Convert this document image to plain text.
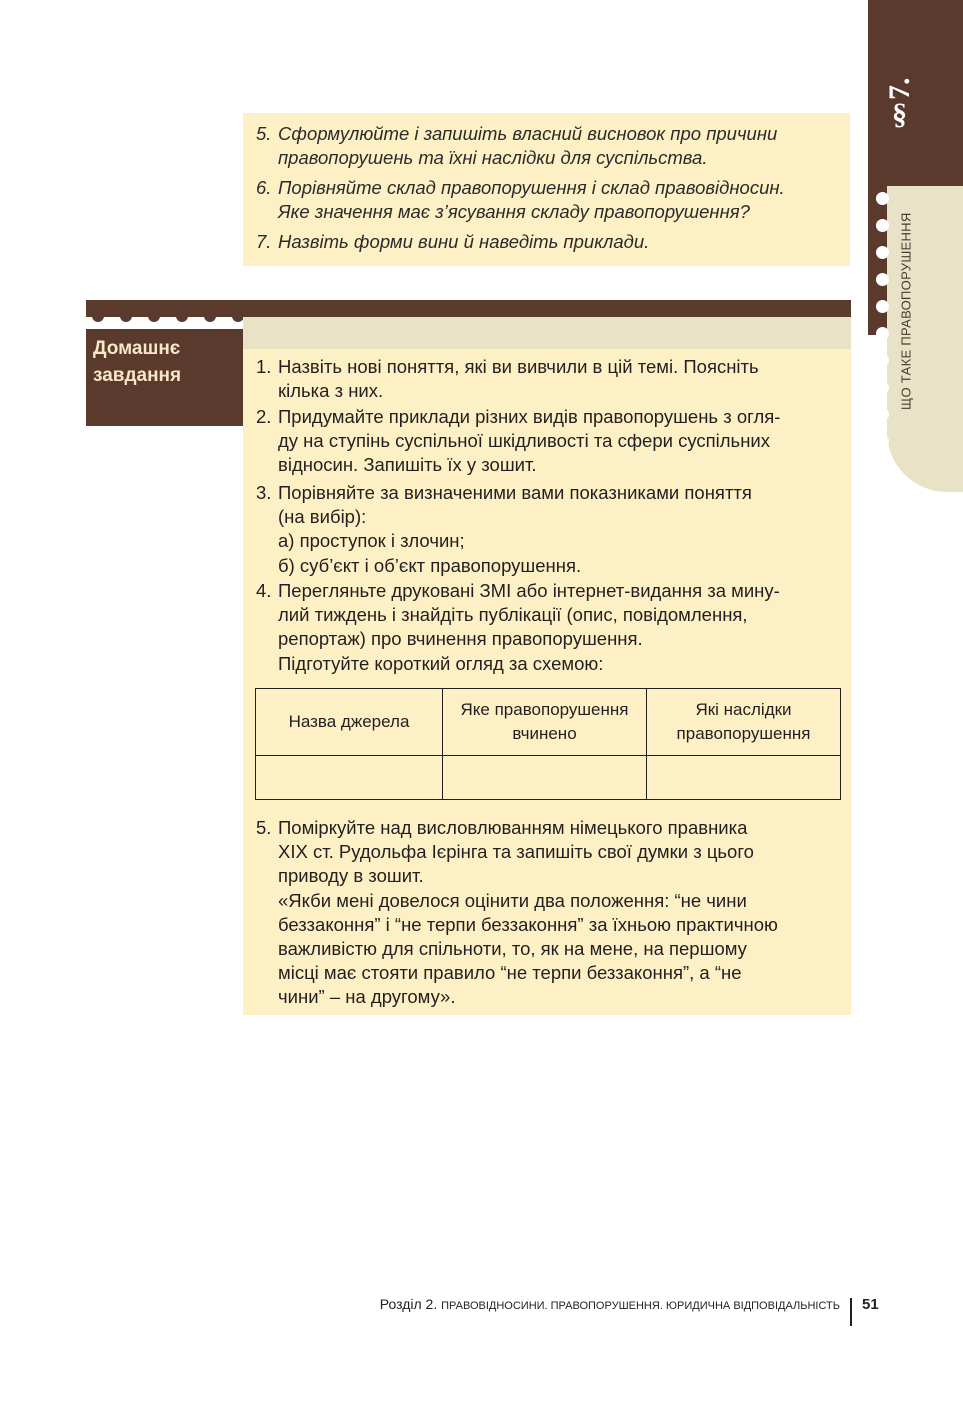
§7.
ЩО ТАКЕ ПРАВОПОРУШЕННЯ
5. Сформулюйте і запишіть власний висновок про причини
правопорушень та їхні наслідки для суспільства.
6. Порівняйте склад правопорушення і склад правовідносин.
Яке значення має з’ясування складу правопорушення?
7. Назвіть форми вини й наведіть приклади.
Домашнє
завдання	1. Назвіть нові поняття, які ви вивчили в цій темі. Поясніть
кілька з них.
2. Придумайте приклади різних видів правопорушень з огля-
ду на ступінь суспільної шкідливості та сфери суспільних
відносин. Запишіть їх у зошит.
3. Порівняйте за визначеними вами показниками поняття
(на вибір):
а) проступок і злочин;
б) суб’єкт і об’єкт правопорушення.
4. Перегляньте друковані ЗМІ або інтернет-видання за мину-
лий тиждень і знайдіть публікації (опис, повідомлення,
репортаж) про вчинення правопорушення.
Підготуйте короткий огляд за схемою:
Назва джерела	Яке правопорушення вчинено	Які наслідки правопорушення

5. Поміркуйте над висловлюванням німецького правника
XIX ст. Рудольфа Ієрінга та запишіть свої думки з цього
приводу в зошит.
«Якби мені довелося оцінити два положення: “не чини
беззаконня” і “не терпи беззаконня” за їхньою практичною
важливістю для спільноти, то, як на мене, на першому
місці має стояти правило “не терпи беззаконня”, а “не
чини” – на другому».
Розділ 2. ПРАВОВІДНОСИНИ. ПРАВОПОРУШЕННЯ. ЮРИДИЧНА ВІДПОВІДАЛЬНІСТЬ 51
